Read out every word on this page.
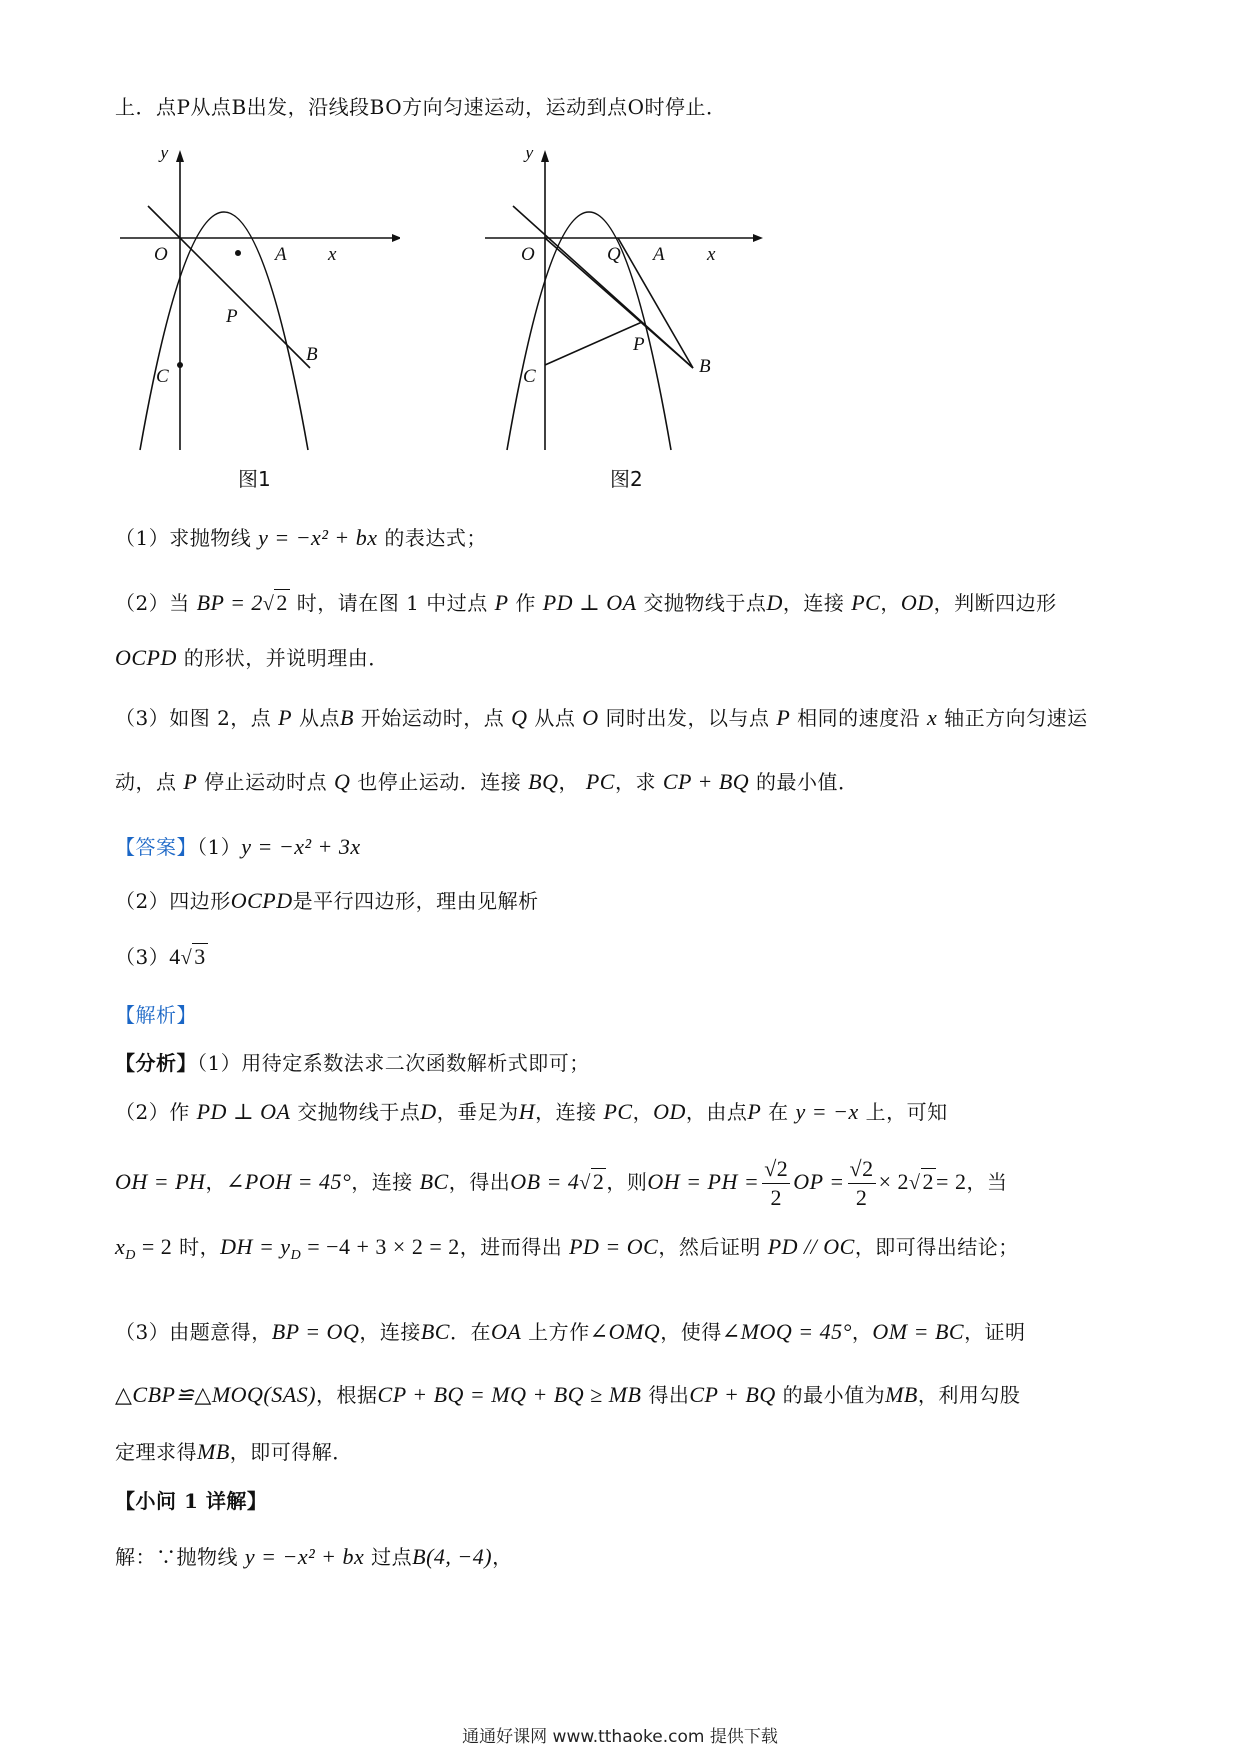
上．点P从点B出发，沿线段BO方向匀速运动，运动到点O时停止．
y
O	A x
P
B
C
图1
y
O	Q A x
P
B
C
图2
（1）求抛物线 y = −x² + bx 的表达式；
（2）当 BP = 2√2 时，请在图 1 中过点 P 作 PD ⊥ OA 交抛物线于点D，连接 PC，OD，判断四边形
OCPD 的形状，并说明理由．
（3）如图 2，点 P 从点B 开始运动时，点 Q 从点 O 同时出发，以与点 P 相同的速度沿 x 轴正方向匀速运
动，点 P 停止运动时点 Q 也停止运动．连接 BQ， PC，求 CP + BQ 的最小值．
【答案】（1）y = −x² + 3x
（2）四边形OCPD是平行四边形，理由见解析
（3）4√3
【解析】
【分析】（1）用待定系数法求二次函数解析式即可；
（2）作 PD ⊥ OA 交抛物线于点D，垂足为H，连接 PC，OD，由点P 在 y = −x 上，可知
OH = PH，∠POH = 45°，连接 BC，得出OB = 4√2 ，则OH = PH = $\frac{√2}{2}$ OP = $\frac{√2}{2} \times 2√2= 2$，当
$x_D = 2$ 时，DH = $y_D = -4 + 3 \times 2 = 2$，进而得出 PD = OC，然后证明 PD // OC，即可得出结论；
（3）由题意得，BP = OQ，连接BC．在OA 上方作∠OMQ，使得∠MOQ = 45°，OM = BC，证明
△CBP≌△MOQ(SAS)，根据CP + BQ = MQ + BQ ≥ MB 得出CP + BQ 的最小值为MB，利用勾股
定理求得MB，即可得解．
【小问 1 详解】
解：∵抛物线 y = −x² + bx 过点B(4, −4)，
通通好课网 www.tthaoke.com 提供下载
